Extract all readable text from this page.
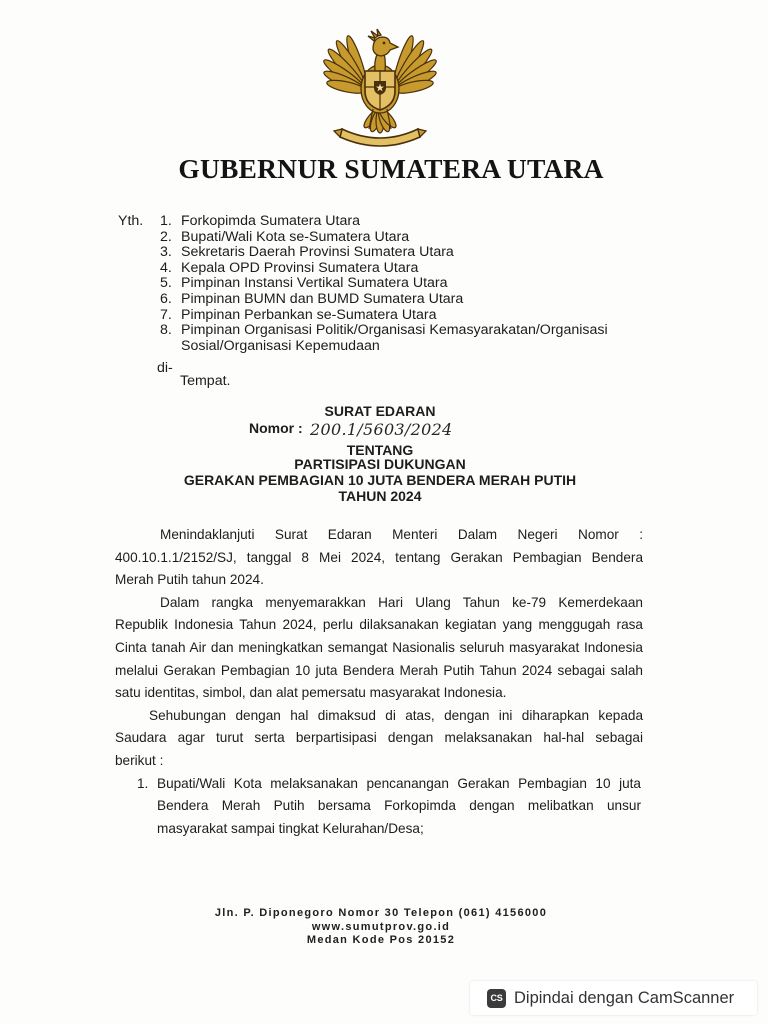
GUBERNUR SUMATERA UTARA
Yth.	1. Forkopimda Sumatera Utara
2. Bupati/Wali Kota se-Sumatera Utara
3. Sekretaris Daerah Provinsi Sumatera Utara
4. Kepala OPD Provinsi Sumatera Utara
5. Pimpinan Instansi Vertikal Sumatera Utara
6. Pimpinan BUMN dan BUMD Sumatera Utara
7. Pimpinan Perbankan se-Sumatera Utara
8. Pimpinan Organisasi Politik/Organisasi Kemasyarakatan/Organisasi
Sosial/Organisasi Kepemudaan
di-
Tempat.
SURAT EDARAN
Nomor : 200.1/5603/2024
TENTANG
PARTISIPASI DUKUNGAN
GERAKAN PEMBAGIAN 10 JUTA BENDERA MERAH PUTIH
TAHUN 2024
Menindaklanjuti Surat Edaran Menteri Dalam Negeri Nomor :
400.10.1.1/2152/SJ, tanggal 8 Mei 2024, tentang Gerakan Pembagian Bendera
Merah Putih tahun 2024.
Dalam rangka menyemarakkan Hari Ulang Tahun ke-79 Kemerdekaan
Republik Indonesia Tahun 2024, perlu dilaksanakan kegiatan yang menggugah rasa
Cinta tanah Air dan meningkatkan semangat Nasionalis seluruh masyarakat Indonesia
melalui Gerakan Pembagian 10 juta Bendera Merah Putih Tahun 2024 sebagai salah
satu identitas, simbol, dan alat pemersatu masyarakat Indonesia.
Sehubungan dengan hal dimaksud di atas, dengan ini diharapkan kepada
Saudara agar turut serta berpartisipasi dengan melaksanakan hal-hal sebagai
berikut :
1. Bupati/Wali Kota melaksanakan pencanangan Gerakan Pembagian 10 juta
Bendera Merah Putih bersama Forkopimda dengan melibatkan unsur
masyarakat sampai tingkat Kelurahan/Desa;
Jln. P. Diponegoro Nomor 30 Telepon (061) 4156000
www.sumutprov.go.id
Medan Kode Pos 20152
CS Dipindai dengan CamScanner
